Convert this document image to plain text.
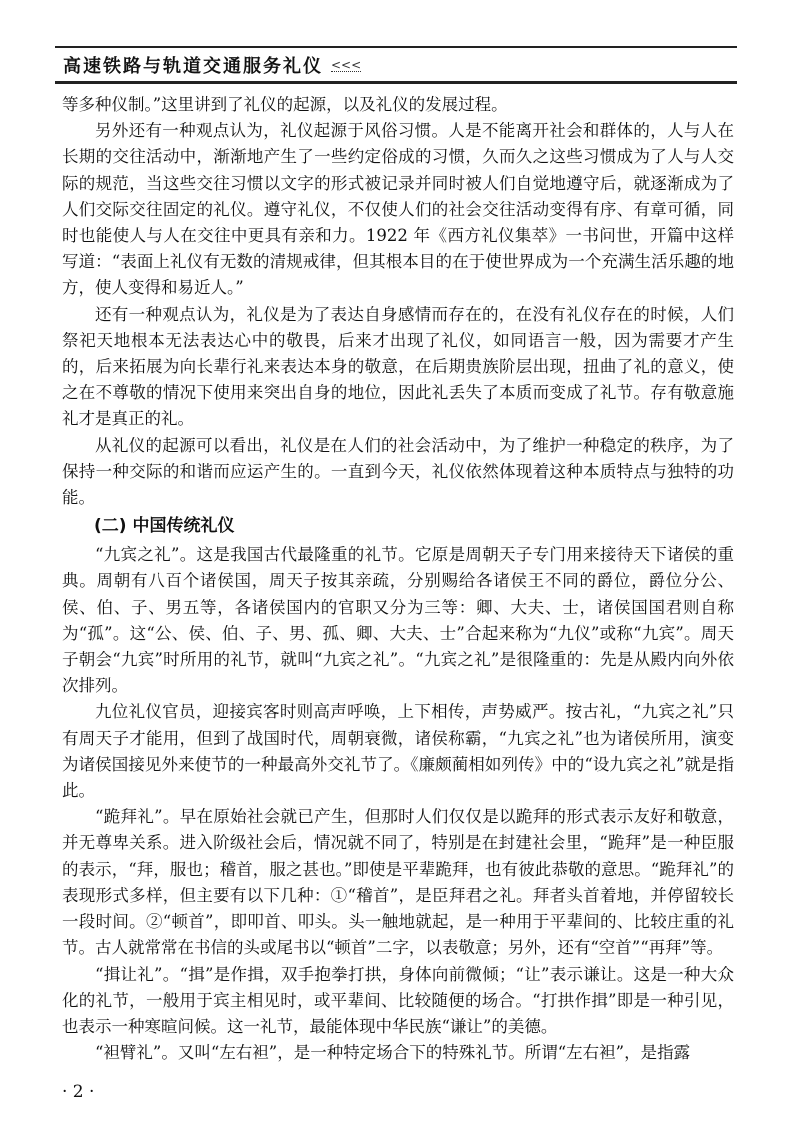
高速铁路与轨道交通服务礼仪 <<<

等多种仪制。”这里讲到了礼仪的起源，以及礼仪的发展过程。

另外还有一种观点认为，礼仪起源于风俗习惯。人是不能离开社会和群体的，人与人在长期的交往活动中，渐渐地产生了一些约定俗成的习惯，久而久之这些习惯成为了人与人交际的规范，当这些交往习惯以文字的形式被记录并同时被人们自觉地遵守后，就逐渐成为了人们交际交往固定的礼仪。遵守礼仪，不仅使人们的社会交往活动变得有序、有章可循，同时也能使人与人在交往中更具有亲和力。1922 年《西方礼仪集萃》一书问世，开篇中这样写道：“表面上礼仪有无数的清规戒律，但其根本目的在于使世界成为一个充满生活乐趣的地方，使人变得和易近人。”

还有一种观点认为，礼仪是为了表达自身感情而存在的，在没有礼仪存在的时候，人们祭祀天地根本无法表达心中的敬畏，后来才出现了礼仪，如同语言一般，因为需要才产生的，后来拓展为向长辈行礼来表达本身的敬意，在后期贵族阶层出现，扭曲了礼的意义，使之在不尊敬的情况下使用来突出自身的地位，因此礼丢失了本质而变成了礼节。存有敬意施礼才是真正的礼。

从礼仪的起源可以看出，礼仪是在人们的社会活动中，为了维护一种稳定的秩序，为了保持一种交际的和谐而应运产生的。一直到今天，礼仪依然体现着这种本质特点与独特的功能。

(二) 中国传统礼仪

“九宾之礼”。这是我国古代最隆重的礼节。它原是周朝天子专门用来接待天下诸侯的重典。周朝有八百个诸侯国，周天子按其亲疏，分别赐给各诸侯王不同的爵位，爵位分公、侯、伯、子、男五等，各诸侯国内的官职又分为三等：卿、大夫、士，诸侯国国君则自称为“孤”。这“公、侯、伯、子、男、孤、卿、大夫、士”合起来称为“九仪”或称“九宾”。周天子朝会“九宾”时所用的礼节，就叫“九宾之礼”。“九宾之礼”是很隆重的：先是从殿内向外依次排列。

九位礼仪官员，迎接宾客时则高声呼唤，上下相传，声势威严。按古礼，“九宾之礼”只有周天子才能用，但到了战国时代，周朝衰微，诸侯称霸，“九宾之礼”也为诸侯所用，演变为诸侯国接见外来使节的一种最高外交礼节了。《廉颇蔺相如列传》中的“设九宾之礼”就是指此。

“跪拜礼”。早在原始社会就已产生，但那时人们仅仅是以跪拜的形式表示友好和敬意，并无尊卑关系。进入阶级社会后，情况就不同了，特别是在封建社会里，“跪拜”是一种臣服的表示，“拜，服也；稽首，服之甚也。”即使是平辈跪拜，也有彼此恭敬的意思。“跪拜礼”的表现形式多样，但主要有以下几种：①“稽首”，是臣拜君之礼。拜者头首着地，并停留较长一段时间。②“顿首”，即叩首、叩头。头一触地就起，是一种用于平辈间的、比较庄重的礼节。古人就常常在书信的头或尾书以“顿首”二字，以表敬意；另外，还有“空首”“再拜”等。

“揖让礼”。“揖”是作揖，双手抱拳打拱，身体向前微倾；“让”表示谦让。这是一种大众化的礼节，一般用于宾主相见时，或平辈间、比较随便的场合。“打拱作揖”即是一种引见，也表示一种寒暄问候。这一礼节，最能体现中华民族“谦让”的美德。

“袒臂礼”。又叫“左右袒”，是一种特定场合下的特殊礼节。所谓“左右袒”，是指露

· 2 ·
